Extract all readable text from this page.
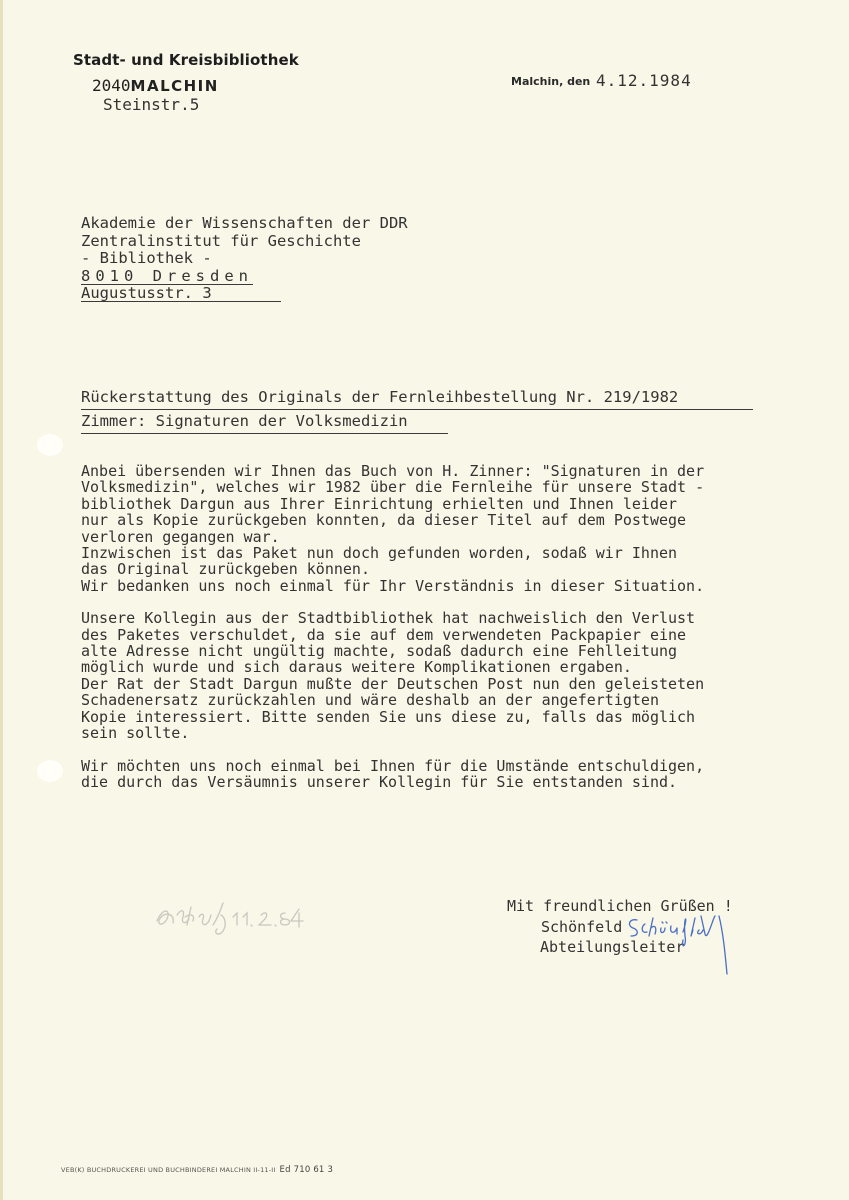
Stadt- und Kreisbibliothek
2040MALCHIN
Steinstr.5
Malchin, den 4.12.1984
Akademie der Wissenschaften der DDR
Zentralinstitut für Geschichte
- Bibliothek -
8010 Dresden
Augustusstr. 3
Rückerstattung des Originals der Fernleihbestellung Nr. 219/1982
Zimmer: Signaturen der Volksmedizin
Anbei übersenden wir Ihnen das Buch von H. Zinner: "Signaturen in der
Volksmedizin", welches wir 1982 über die Fernleihe für unsere Stadt -
bibliothek Dargun aus Ihrer Einrichtung erhielten und Ihnen leider
nur als Kopie zurückgeben konnten, da dieser Titel auf dem Postwege
verloren gegangen war.
Inzwischen ist das Paket nun doch gefunden worden, sodaß wir Ihnen
das Original zurückgeben können.
Wir bedanken uns noch einmal für Ihr Verständnis in dieser Situation.
Unsere Kollegin aus der Stadtbibliothek hat nachweislich den Verlust
des Paketes verschuldet, da sie auf dem verwendeten Packpapier eine
alte Adresse nicht ungültig machte, sodaß dadurch eine Fehlleitung
möglich wurde und sich daraus weitere Komplikationen ergaben.
Der Rat der Stadt Dargun mußte der Deutschen Post nun den geleisteten
Schadenersatz zurückzahlen und wäre deshalb an der angefertigten
Kopie interessiert. Bitte senden Sie uns diese zu, falls das möglich
sein sollte.
Wir möchten uns noch einmal bei Ihnen für die Umstände entschuldigen,
die durch das Versäumnis unserer Kollegin für Sie entstanden sind.
Mit freundlichen Grüßen !
Schönfeld
Abteilungsleiter
VEB(K) BUCHDRUCKEREI UND BUCHBINDEREI MALCHIN II-11-II Ed 710 61 3
